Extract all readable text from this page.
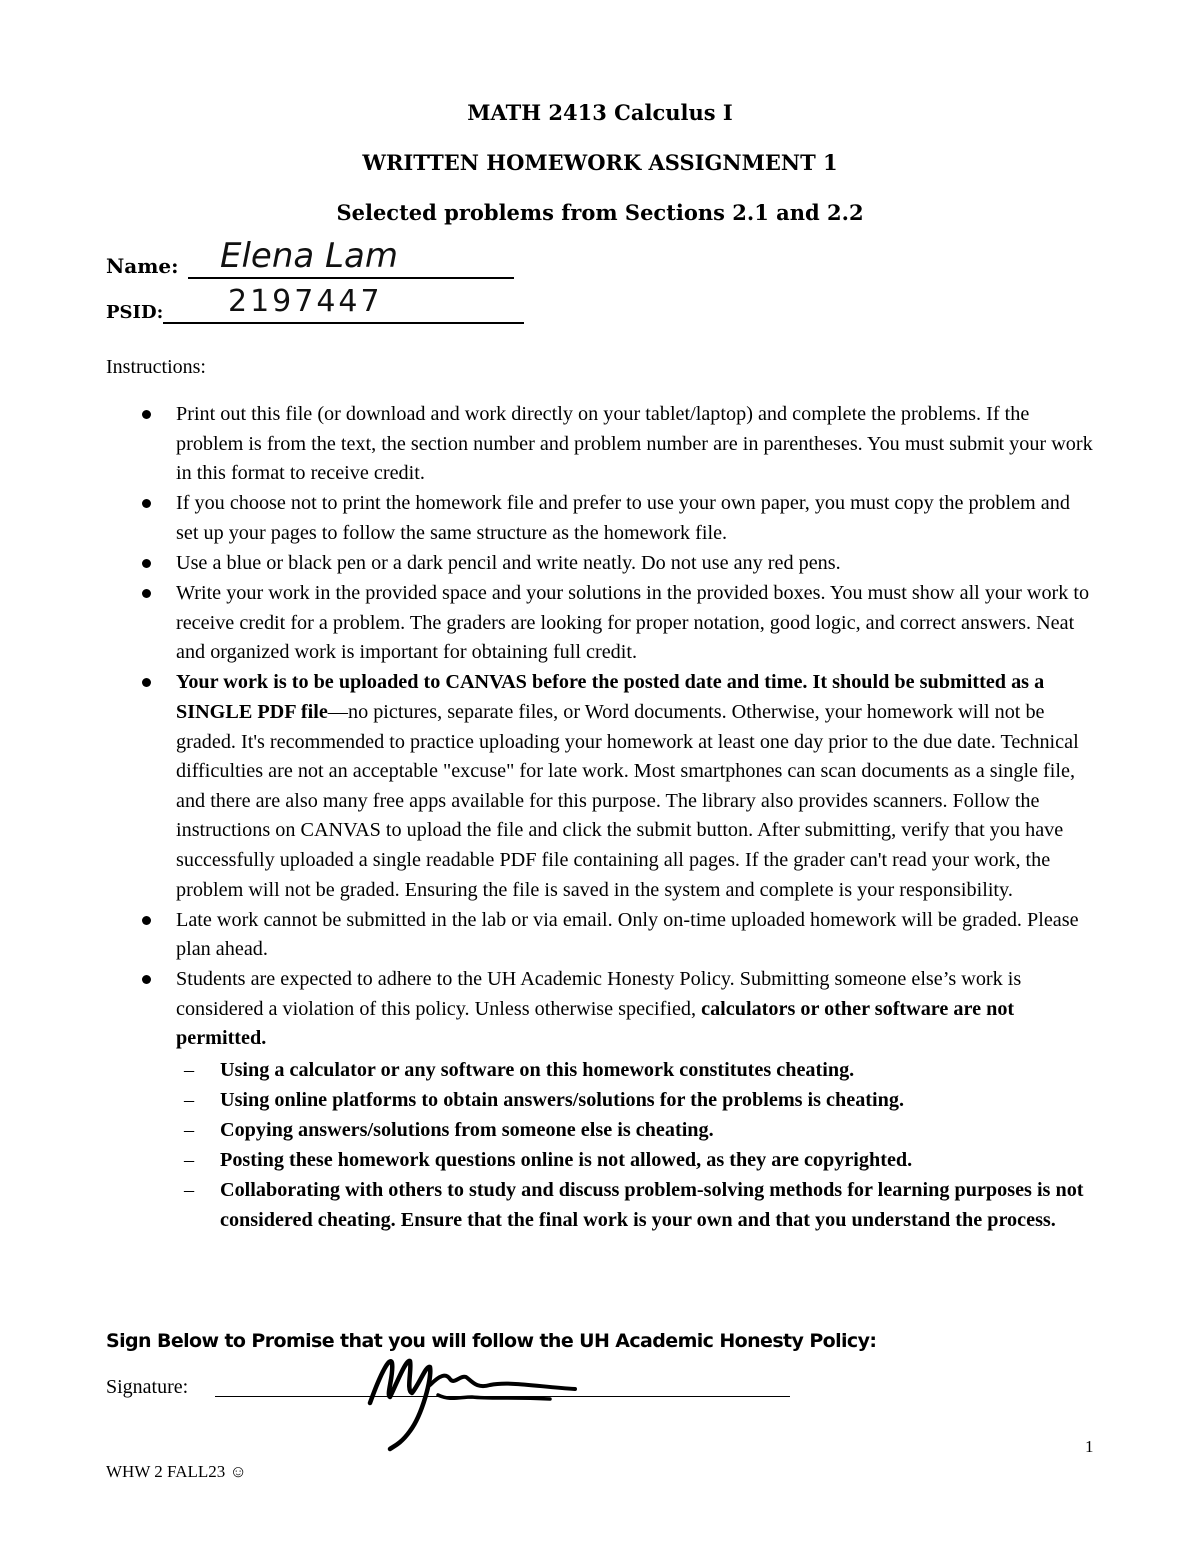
MATH 2413 Calculus I
WRITTEN HOMEWORK ASSIGNMENT 1
Selected problems from Sections 2.1 and 2.2
Name: Elena Lam
PSID: 2197447
Instructions:
Print out this file (or download and work directly on your tablet/laptop) and complete the problems. If the problem is from the text, the section number and problem number are in parentheses. You must submit your work in this format to receive credit.
If you choose not to print the homework file and prefer to use your own paper, you must copy the problem and set up your pages to follow the same structure as the homework file.
Use a blue or black pen or a dark pencil and write neatly. Do not use any red pens.
Write your work in the provided space and your solutions in the provided boxes. You must show all your work to receive credit for a problem. The graders are looking for proper notation, good logic, and correct answers. Neat and organized work is important for obtaining full credit.
Your work is to be uploaded to CANVAS before the posted date and time. It should be submitted as a SINGLE PDF file—no pictures, separate files, or Word documents. Otherwise, your homework will not be graded. It's recommended to practice uploading your homework at least one day prior to the due date. Technical difficulties are not an acceptable "excuse" for late work. Most smartphones can scan documents as a single file, and there are also many free apps available for this purpose. The library also provides scanners. Follow the instructions on CANVAS to upload the file and click the submit button. After submitting, verify that you have successfully uploaded a single readable PDF file containing all pages. If the grader can't read your work, the problem will not be graded. Ensuring the file is saved in the system and complete is your responsibility.
Late work cannot be submitted in the lab or via email. Only on-time uploaded homework will be graded. Please plan ahead.
Students are expected to adhere to the UH Academic Honesty Policy. Submitting someone else’s work is considered a violation of this policy. Unless otherwise specified, calculators or other software are not permitted.
– Using a calculator or any software on this homework constitutes cheating.
– Using online platforms to obtain answers/solutions for the problems is cheating.
– Copying answers/solutions from someone else is cheating.
– Posting these homework questions online is not allowed, as they are copyrighted.
– Collaborating with others to study and discuss problem-solving methods for learning purposes is not considered cheating. Ensure that the final work is your own and that you understand the process.
Sign Below to Promise that you will follow the UH Academic Honesty Policy:
Signature:
1
WHW 2 FALL23 ☺
